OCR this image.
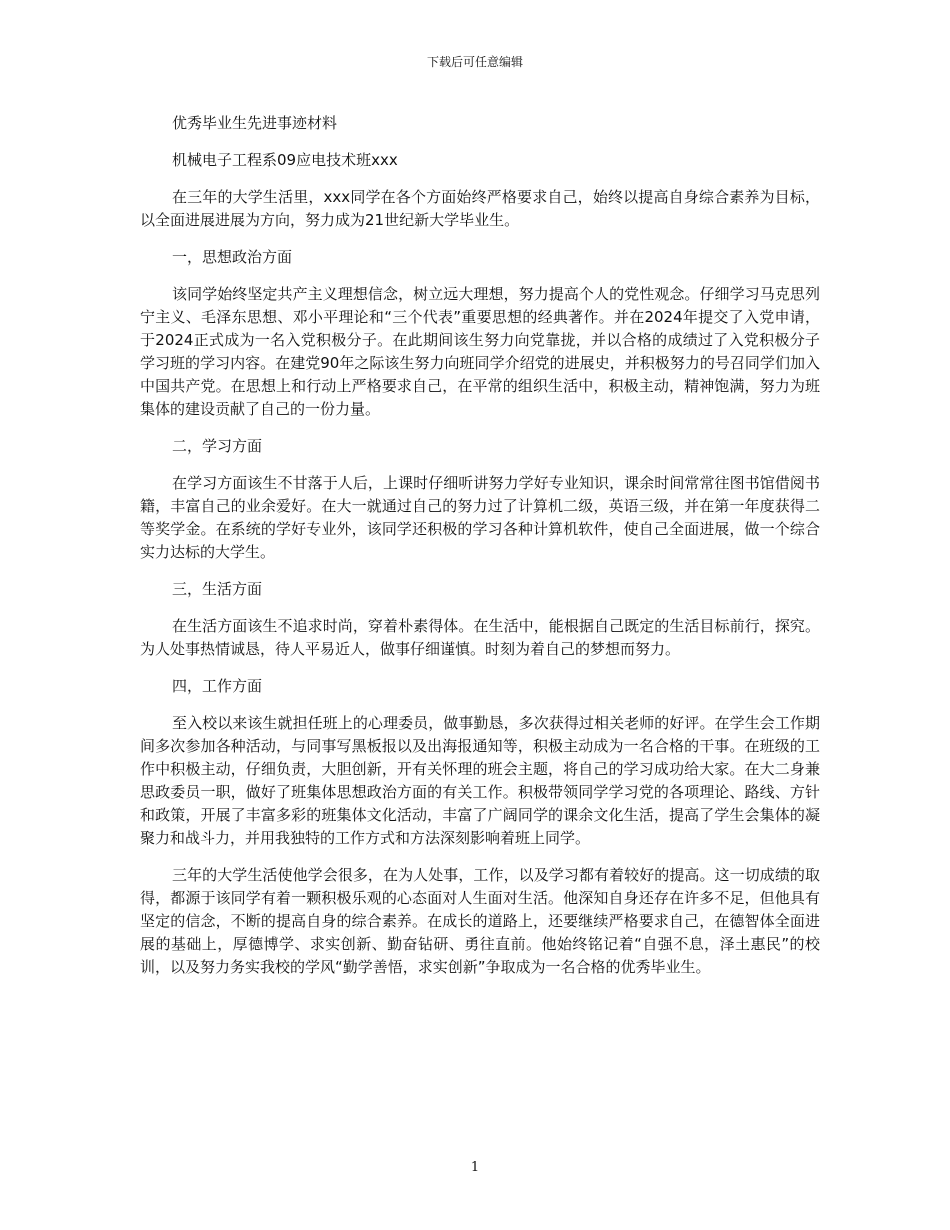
下载后可任意编辑

优秀毕业生先进事迹材料

机械电子工程系09应电技术班xxx

在三年的大学生活里，xxx同学在各个方面始终严格要求自己，始终以提高自身综合素养为目标，以全面进展进展为方向，努力成为21世纪新大学毕业生。

一，思想政治方面

该同学始终坚定共产主义理想信念，树立远大理想，努力提高个人的党性观念。仔细学习马克思列宁主义、毛泽东思想、邓小平理论和“三个代表”重要思想的经典著作。并在2024年提交了入党申请，于2024正式成为一名入党积极分子。在此期间该生努力向党靠拢，并以合格的成绩过了入党积极分子学习班的学习内容。在建党90年之际该生努力向班同学介绍党的进展史，并积极努力的号召同学们加入中国共产党。在思想上和行动上严格要求自己，在平常的组织生活中，积极主动，精神饱满，努力为班集体的建设贡献了自己的一份力量。

二，学习方面

在学习方面该生不甘落于人后，上课时仔细听讲努力学好专业知识，课余时间常常往图书馆借阅书籍，丰富自己的业余爱好。在大一就通过自己的努力过了计算机二级，英语三级，并在第一年度获得二等奖学金。在系统的学好专业外，该同学还积极的学习各种计算机软件，使自己全面进展，做一个综合实力达标的大学生。

三，生活方面

在生活方面该生不追求时尚，穿着朴素得体。在生活中，能根据自己既定的生活目标前行，探究。为人处事热情诚恳，待人平易近人，做事仔细谨慎。时刻为着自己的梦想而努力。

四，工作方面

至入校以来该生就担任班上的心理委员，做事勤恳，多次获得过相关老师的好评。在学生会工作期间多次参加各种活动，与同事写黑板报以及出海报通知等，积极主动成为一名合格的干事。在班级的工作中积极主动，仔细负责，大胆创新，开有关怀理的班会主题，将自己的学习成功给大家。在大二身兼思政委员一职，做好了班集体思想政治方面的有关工作。积极带领同学学习党的各项理论、路线、方针和政策，开展了丰富多彩的班集体文化活动，丰富了广阔同学的课余文化生活，提高了学生会集体的凝聚力和战斗力，并用我独特的工作方式和方法深刻影响着班上同学。

三年的大学生活使他学会很多，在为人处事，工作，以及学习都有着较好的提高。这一切成绩的取得，都源于该同学有着一颗积极乐观的心态面对人生面对生活。他深知自身还存在许多不足，但他具有坚定的信念，不断的提高自身的综合素养。在成长的道路上，还要继续严格要求自己，在德智体全面进展的基础上，厚德博学、求实创新、勤奋钻研、勇往直前。他始终铭记着“自强不息，泽土惠民”的校训，以及努力务实我校的学风“勤学善悟，求实创新”争取成为一名合格的优秀毕业生。

1
